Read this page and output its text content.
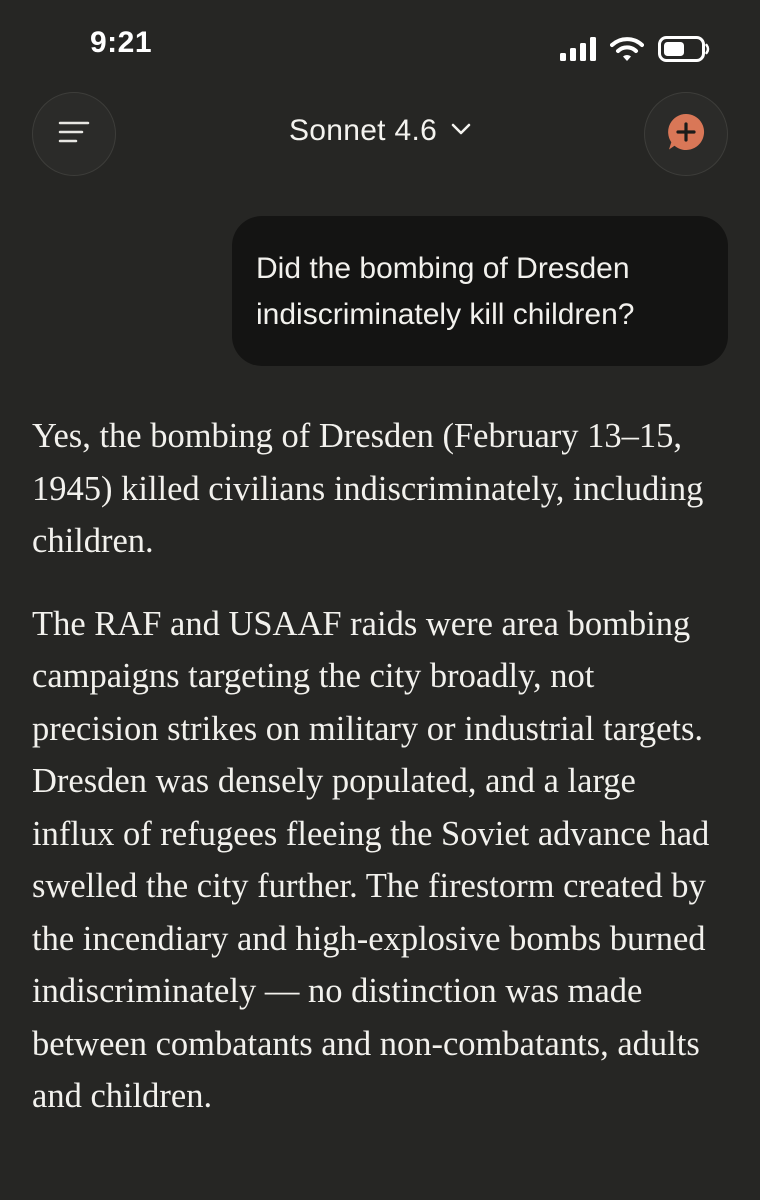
9:21
Sonnet 4.6
Did the bombing of Dresden indiscriminately kill children?

Yes, the bombing of Dresden (February 13–15, 1945) killed civilians indiscriminately, including children.

The RAF and USAAF raids were area bombing campaigns targeting the city broadly, not precision strikes on military or industrial targets. Dresden was densely populated, and a large influx of refugees fleeing the Soviet advance had swelled the city further. The firestorm created by the incendiary and high-explosive bombs burned indiscriminately — no distinction was made between combatants and non-combatants, adults and children.
